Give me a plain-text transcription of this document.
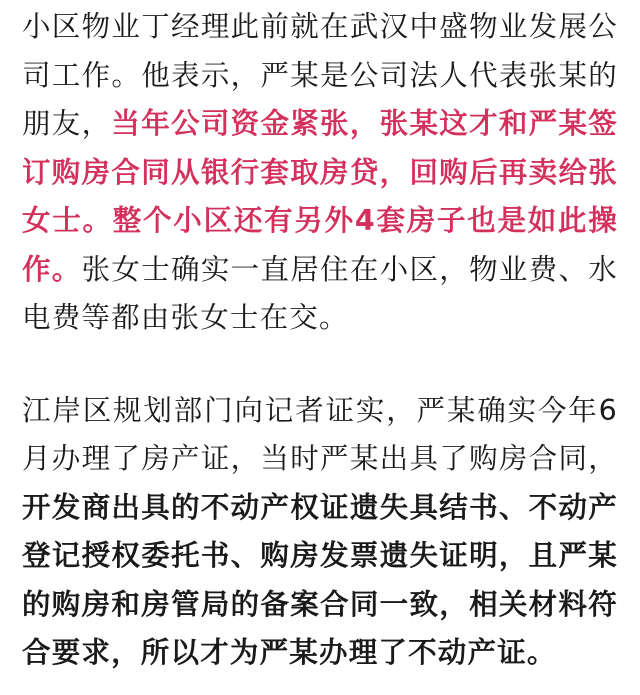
小区物业丁经理此前就在武汉中盛物业发展公司工作。他表示，严某是公司法人代表张某的朋友，当年公司资金紧张，张某这才和严某签订购房合同从银行套取房贷，回购后再卖给张女士。整个小区还有另外4套房子也是如此操作。张女士确实一直居住在小区，物业费、水电费等都由张女士在交。

江岸区规划部门向记者证实，严某确实今年6月办理了房产证，当时严某出具了购房合同，开发商出具的不动产权证遗失具结书、不动产登记授权委托书、购房发票遗失证明，且严某的购房和房管局的备案合同一致，相关材料符合要求，所以才为严某办理了不动产证。
